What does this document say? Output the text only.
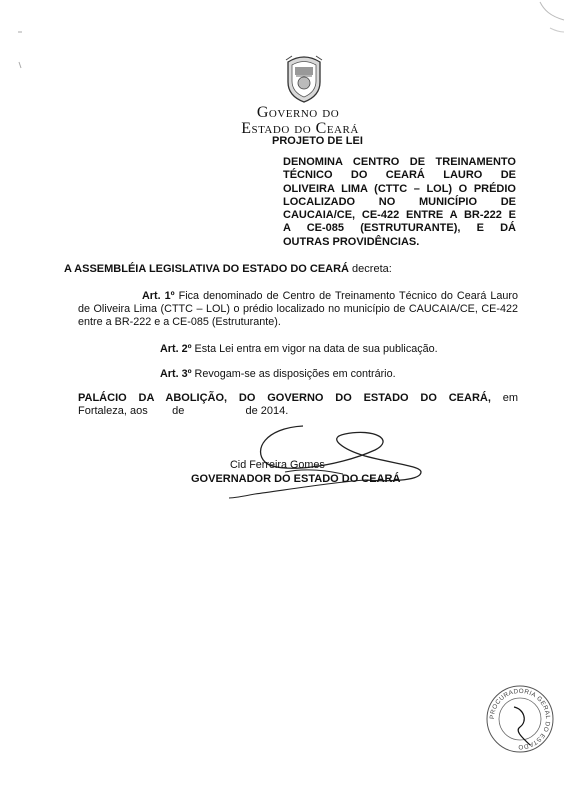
Governo do
Estado do Ceará
PROJETO DE LEI
DENOMINA CENTRO DE TREINAMENTO
TÉCNICO DO CEARÁ LAURO DE
OLIVEIRA LIMA (CTTC – LOL) O PRÉDIO
LOCALIZADO NO MUNICÍPIO DE
CAUCAIA/CE, CE-422 ENTRE A BR-222 E
A CE-085 (ESTRUTURANTE), E DÁ
OUTRAS PROVIDÊNCIAS.
A ASSEMBLÉIA LEGISLATIVA DO ESTADO DO CEARÁ decreta:
Art. 1º Fica denominado de Centro de Treinamento Técnico do Ceará Lauro de Oliveira Lima (CTTC – LOL) o prédio localizado no município de CAUCAIA/CE, CE-422 entre a BR-222 e a CE-085 (Estruturante).
Art. 2º Esta Lei entra em vigor na data de sua publicação.
Art. 3º Revogam-se as disposições em contrário.
PALÁCIO DA ABOLIÇÃO, DO GOVERNO DO ESTADO DO CEARÁ, em
Fortaleza, aos        de                    de 2014.
Cid Ferreira Gomes
GOVERNADOR DO ESTADO DO CEARÁ
PROCURADORIA GERAL DO ESTADO
